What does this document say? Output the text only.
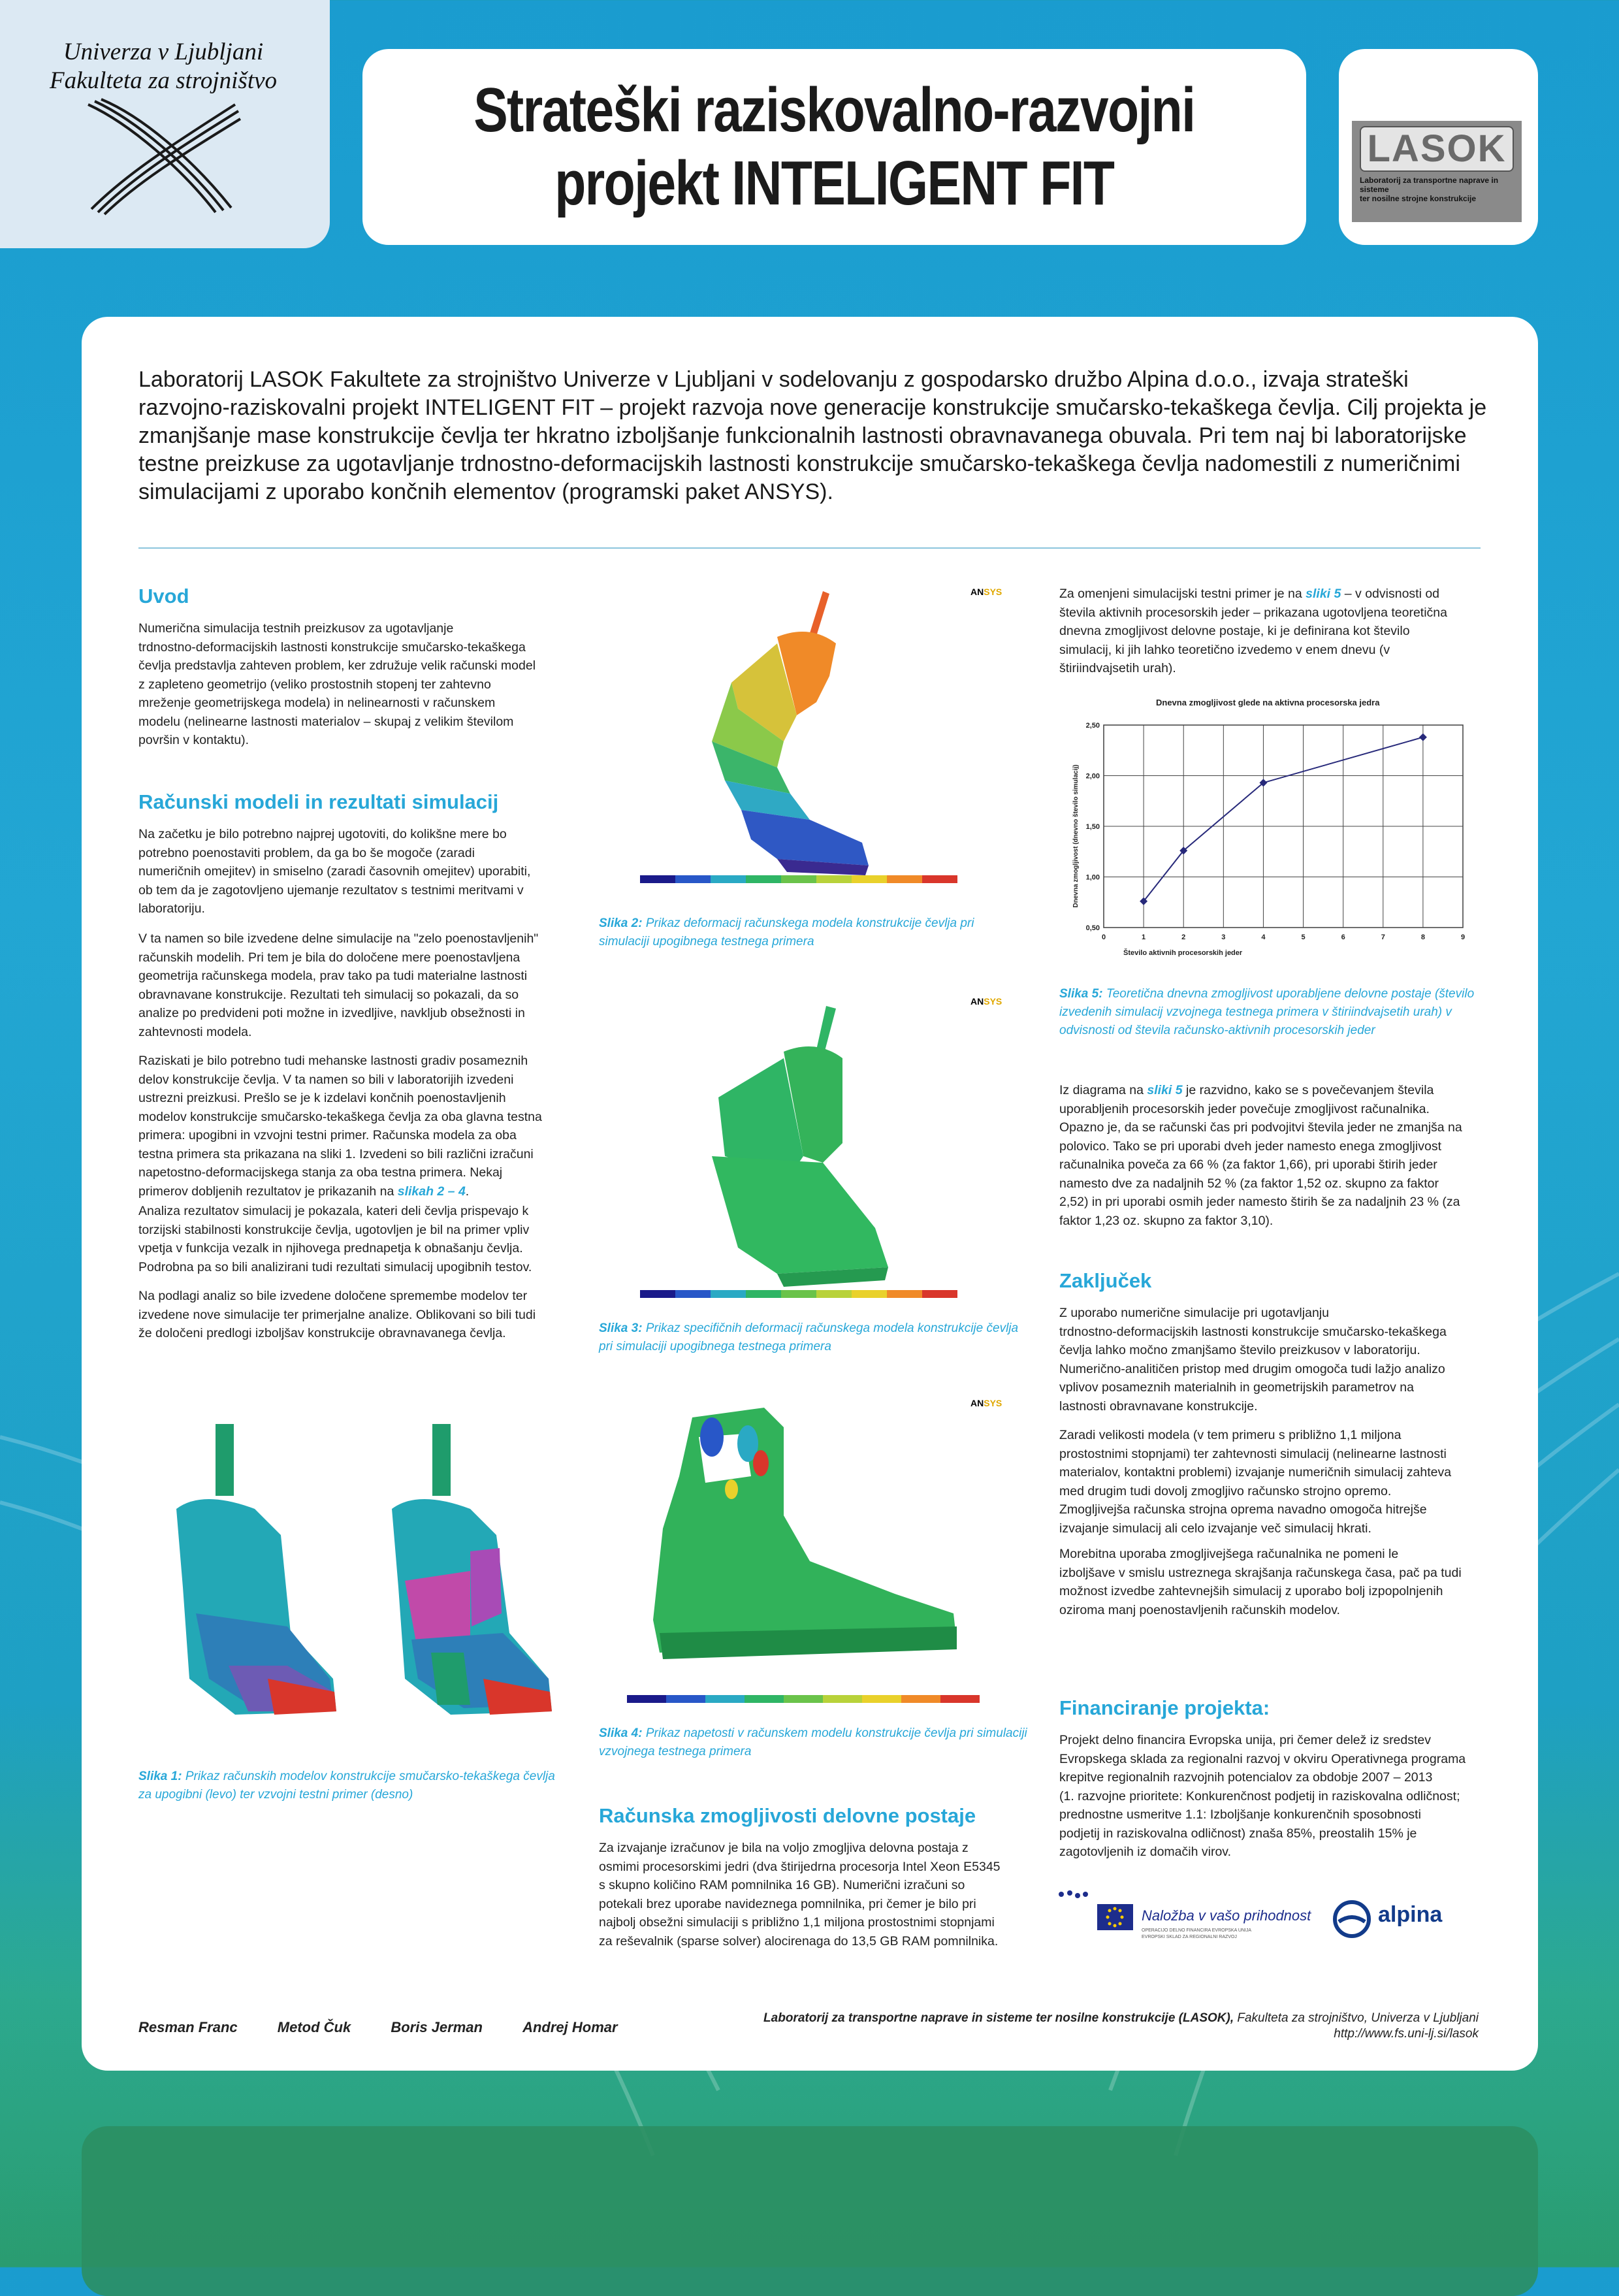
Univerza v Ljubljani
Fakulteta za strojništvo	Strateški raziskovalno-razvojni
projekt INTELIGENT FIT	LASOK
Laboratorij za transportne naprave in sisteme
ter nosilne strojne konstrukcije
Laboratorij LASOK Fakultete za strojništvo Univerze v Ljubljani v sodelovanju z gospodarsko družbo Alpina d.o.o., izvaja strateški
razvojno-raziskovalni projekt INTELIGENT FIT – projekt razvoja nove generacije konstrukcije smučarsko-tekaškega čevlja. Cilj projekta je
zmanjšanje mase konstrukcije čevlja ter hkratno izboljšanje funkcionalnih lastnosti obravnavanega obuvala. Pri tem naj bi laboratorijske
testne preizkuse za ugotavljanje trdnostno-deformacijskih lastnosti konstrukcije smučarsko-tekaškega čevlja nadomestili z numeričnimi
simulacijami z uporabo končnih elementov (programski paket ANSYS).
Uvod
Numerična simulacija testnih preizkusov za ugotavljanje
trdnostno-deformacijskih lastnosti konstrukcije smučarsko-tekaškega
čevlja predstavlja zahteven problem, ker združuje velik računski model
z zapleteno geometrijo (veliko prostostnih stopenj ter zahtevno
mreženje geometrijskega modela) in nelinearnosti v računskem
modelu (nelinearne lastnosti materialov – skupaj z velikim številom
površin v kontaktu).
Računski modeli in rezultati simulacij
Na začetku je bilo potrebno najprej ugotoviti, do kolikšne mere bo
potrebno poenostaviti problem, da ga bo še mogoče (zaradi
numeričnih omejitev) in smiselno (zaradi časovnih omejitev) uporabiti,
ob tem da je zagotovljeno ujemanje rezultatov s testnimi meritvami v
laboratoriju.
V ta namen so bile izvedene delne simulacije na "zelo poenostavljenih"
računskih modelih. Pri tem je bila do določene mere poenostavljena
geometrija računskega modela, prav tako pa tudi materialne lastnosti
obravnavane konstrukcije. Rezultati teh simulacij so pokazali, da so
analize po predvideni poti možne in izvedljive, navkljub obsežnosti in
zahtevnosti modela.
Raziskati je bilo potrebno tudi mehanske lastnosti gradiv posameznih
delov konstrukcije čevlja. V ta namen so bili v laboratorijih izvedeni
ustrezni preizkusi. Prešlo se je k izdelavi končnih poenostavljenih
modelov konstrukcije smučarsko-tekaškega čevlja za oba glavna testna
primera: upogibni in vzvojni testni primer. Računska modela za oba
testna primera sta prikazana na sliki 1. Izvedeni so bili različni izračuni
napetostno-deformacijskega stanja za oba testna primera. Nekaj
primerov dobljenih rezultatov je prikazanih na slikah 2 – 4.
Analiza rezultatov simulacij je pokazala, kateri deli čevlja prispevajo k
torzijski stabilnosti konstrukcije čevlja, ugotovljen je bil na primer vpliv
vpetja v funkcija vezalk in njihovega prednapetja k obnašanju čevlja.
Podrobna pa so bili analizirani tudi rezultati simulacij upogibnih testov.
Na podlagi analiz so bile izvedene določene spremembe modelov ter
izvedene nove simulacije ter primerjalne analize. Oblikovani so bili tudi
že določeni predlogi izboljšav konstrukcije obravnavanega čevlja.
Slika 1: Prikaz računskih modelov konstrukcije smučarsko-tekaškega čevlja
za upogibni (levo) ter vzvojni testni primer (desno)
ANSYS
Slika 2: Prikaz deformacij računskega modela konstrukcije čevlja pri
simulaciji upogibnega testnega primera
ANSYS
Slika 3: Prikaz specifičnih deformacij računskega modela konstrukcije čevlja
pri simulaciji upogibnega testnega primera
ANSYS
Slika 4: Prikaz napetosti v računskem modelu konstrukcije čevlja pri simulaciji
vzvojnega testnega primera
Računska zmogljivosti delovne postaje
Za izvajanje izračunov je bila na voljo zmogljiva delovna postaja z
osmimi procesorskimi jedri (dva štirijedrna procesorja Intel Xeon E5345
s skupno količino RAM pomnilnika 16 GB). Numerični izračuni so
potekali brez uporabe navideznega pomnilnika, pri čemer je bilo pri
najbolj obsežni simulaciji s približno 1,1 miljona prostostnimi stopnjami
za reševalnik (sparse solver) alocirenaga do 13,5 GB RAM pomnilnika.
Za omenjeni simulacijski testni primer je na sliki 5 – v odvisnosti od
števila aktivnih procesorskih jeder – prikazana ugotovljena teoretična
dnevna zmogljivost delovne postaje, ki je definirana kot število
simulacij, ki jih lahko teoretično izvedemo v enem dnevu (v
štiriindvajsetih urah).
Dnevna zmogljivost glede na aktivna procesorska jedra
Dnevna zmogljivost (dnevno število simulacij)
Število aktivnih procesorskih jeder
0	1	2	3	4	5	6	7	8	9
0,50
1,00
1,50
2,00
2,50
Slika 5: Teoretična dnevna zmogljivost uporabljene delovne postaje (število
izvedenih simulacij vzvojnega testnega primera v štiriindvajsetih urah) v
odvisnosti od števila računsko-aktivnih procesorskih jeder
Iz diagrama na sliki 5 je razvidno, kako se s povečevanjem števila
uporabljenih procesorskih jeder povečuje zmogljivost računalnika.
Opazno je, da se računski čas pri podvojitvi števila jeder ne zmanjša na
polovico. Tako se pri uporabi dveh jeder namesto enega zmogljivost
računalnika poveča za 66 % (za faktor 1,66), pri uporabi štirih jeder
namesto dve za nadaljnih 52 % (za faktor 1,52 oz. skupno za faktor
2,52) in pri uporabi osmih jeder namesto štirih še za nadaljnih 23 % (za
faktor 1,23 oz. skupno za faktor 3,10).
Zaključek
Z uporabo numerične simulacije pri ugotavljanju
trdnostno-deformacijskih lastnosti konstrukcije smučarsko-tekaškega
čevlja lahko močno zmanjšamo število preizkusov v laboratoriju.
Numerično-analitičen pristop med drugim omogoča tudi lažjo analizo
vplivov posameznih materialnih in geometrijskih parametrov na
lastnosti obravnavane konstrukcije.
Zaradi velikosti modela (v tem primeru s približno 1,1 miljona
prostostnimi stopnjami) ter zahtevnosti simulacij (nelinearne lastnosti
materialov, kontaktni problemi) izvajanje numeričnih simulacij zahteva
med drugim tudi dovolj zmogljivo računsko strojno opremo.
Zmogljivejša računska strojna oprema navadno omogoča hitrejše
izvajanje simulacij ali celo izvajanje več simulacij hkrati.
Morebitna uporaba zmogljivejšega računalnika ne pomeni le
izboljšave v smislu ustreznega skrajšanja računskega časa, pač pa tudi
možnost izvedbe zahtevnejših simulacij z uporabo bolj izpopolnjenih
oziroma manj poenostavljenih računskih modelov.
Financiranje projekta:
Projekt delno financira Evropska unija, pri čemer delež iz sredstev
Evropskega sklada za regionalni razvoj v okviru Operativnega programa
krepitve regionalnih razvojnih potencialov za obdobje 2007 – 2013
(1. razvojne prioritete: Konkurenčnost podjetij in raziskovalna odličnost;
prednostne usmeritve 1.1: Izboljšanje konkurenčnih sposobnosti
podjetij in raziskovalna odličnost) znaša 85%, preostalih 15% je
zagotovljenih iz domačih virov.
Naložba v vašo prihodnost
OPERACIJO DELNO FINANCIRA EVROPSKA UNIJA
EVROPSKI SKLAD ZA REGIONALNI RAZVOJ
alpina
Resman Franc	Metod Čuk	Boris Jerman	Andrej Homar
Laboratorij za transportne naprave in sisteme ter nosilne konstrukcije (LASOK), Fakulteta za strojništvo, Univerza v Ljubljani
http://www.fs.uni-lj.si/lasok
